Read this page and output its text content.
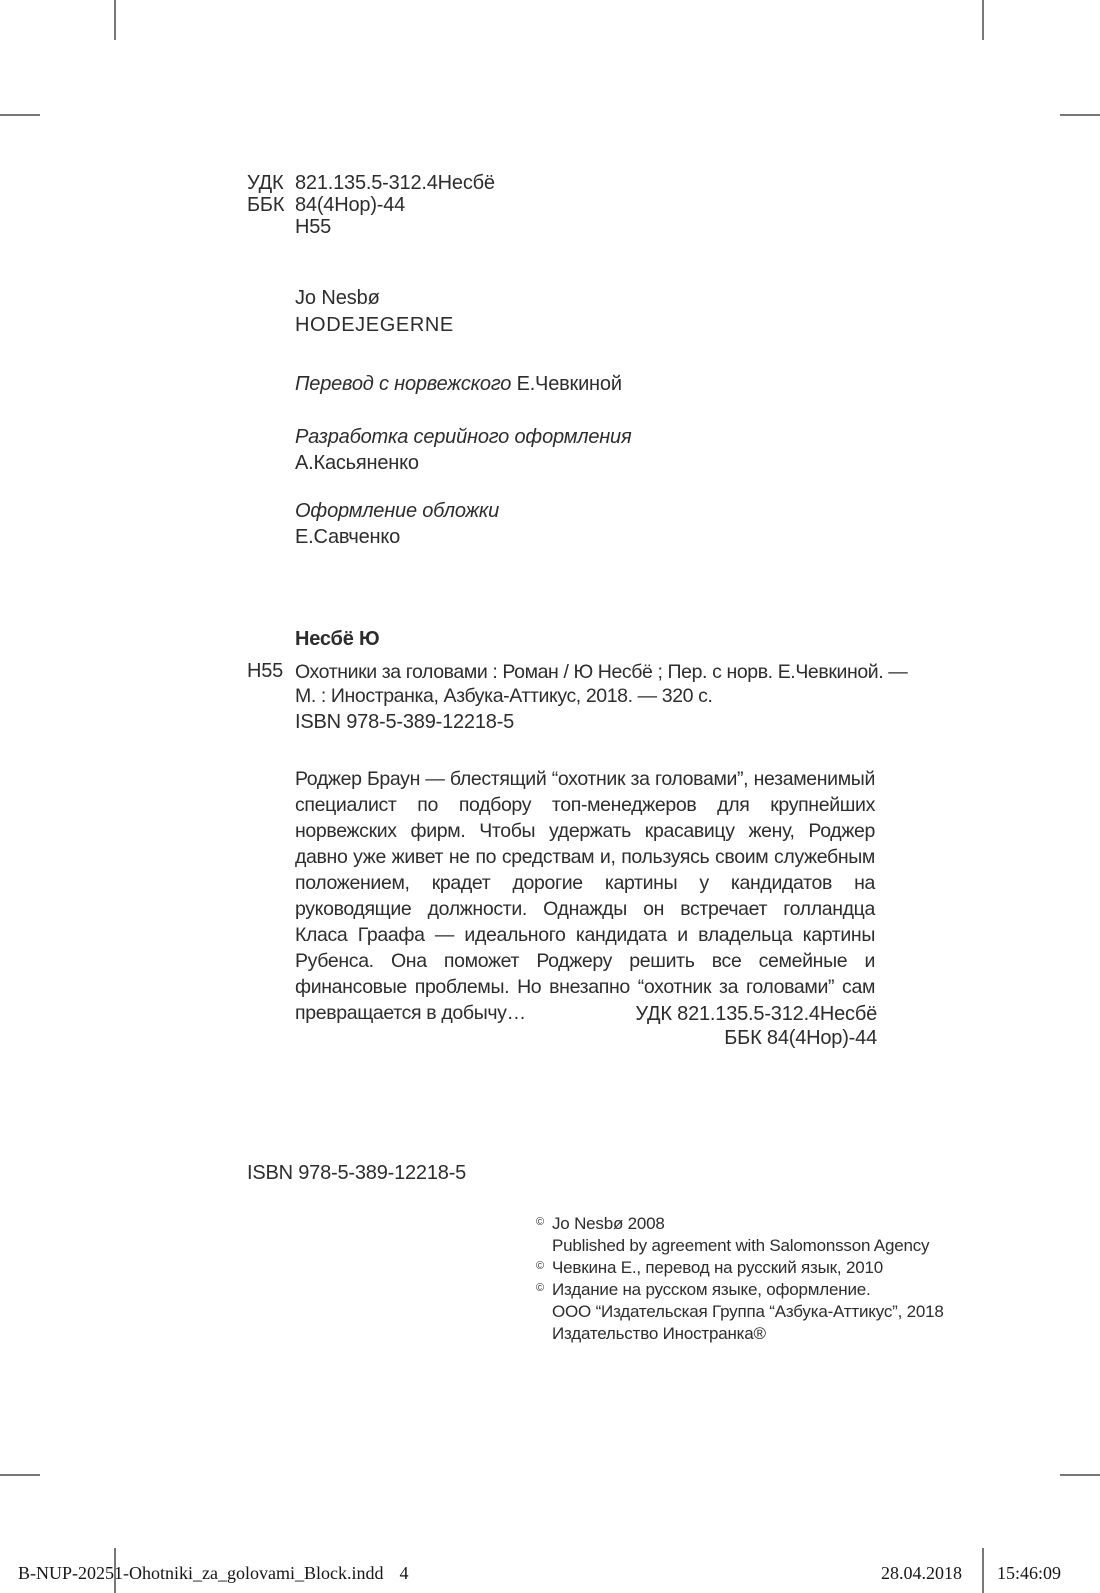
УДК 821.135.5-312.4Несбё
ББК 84(4Нор)-44
Н55
Jo Nesbø
HODEJEGERNE
Перевод с норвежского Е.Чевкиной
Разработка серийного оформления
А.Касьяненко
Оформление обложки
Е.Савченко
Несбё Ю
Н55 Охотники за головами : Роман / Ю Несбё ; Пер. с норв. Е.Чевкиной. —
М. : Иностранка, Азбука-Аттикус, 2018. — 320 с.
ISBN 978-5-389-12218-5
Роджер Браун — блестящий “охотник за головами”, незаменимый специалист по подбору топ-менеджеров для крупнейших норвежских фирм. Чтобы удержать красавицу жену, Роджер давно уже живет не по средствам и, пользуясь своим служебным положением, крадет дорогие картины у кандидатов на руководящие должности. Однажды он встречает голландца Класа Граафа — идеального кандидата и владельца картины Рубенса. Она поможет Роджеру решить все семейные и финансовые проблемы. Но внезапно “охотник за головами” сам превращается в добычу…	УДК 821.135.5-312.4Несбё
ББК 84(4Нор)-44
ISBN 978-5-389-12218-5
© Jo Nesbø 2008
Published by agreement with Salomonsson Agency
© Чевкина Е., перевод на русский язык, 2010
© Издание на русском языке, оформление.
ООО “Издательская Группа “Азбука-Аттикус”, 2018
Издательство Иностранка®
B-NUP-20251-Ohotniki_za_golovami_Block.indd 4	28.04.2018 15:46:09
